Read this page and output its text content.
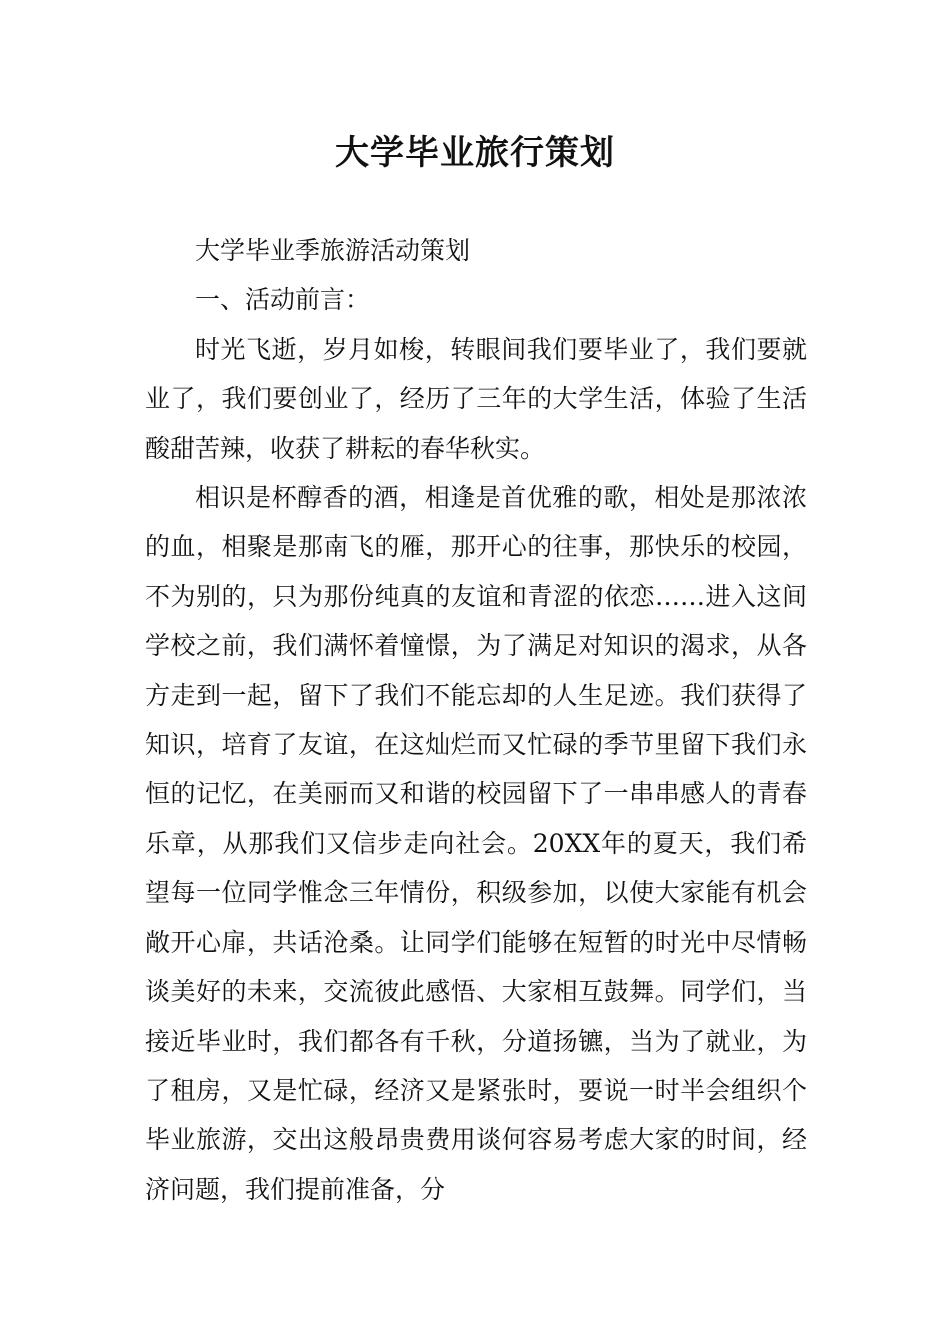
大学毕业旅行策划

大学毕业季旅游活动策划

一、活动前言：

时光飞逝，岁月如梭，转眼间我们要毕业了，我们要就业了，我们要创业了，经历了三年的大学生活，体验了生活酸甜苦辣，收获了耕耘的春华秋实。

相识是杯醇香的酒，相逢是首优雅的歌，相处是那浓浓的血，相聚是那南飞的雁，那开心的往事，那快乐的校园，不为别的，只为那份纯真的友谊和青涩的依恋……进入这间学校之前，我们满怀着憧憬，为了满足对知识的渴求，从各方走到一起，留下了我们不能忘却的人生足迹。我们获得了知识，培育了友谊，在这灿烂而又忙碌的季节里留下我们永恒的记忆，在美丽而又和谐的校园留下了一串串感人的青春乐章，从那我们又信步走向社会。20XX年的夏天，我们希望每一位同学惟念三年情份，积级参加，以使大家能有机会敞开心扉，共话沧桑。让同学们能够在短暂的时光中尽情畅谈美好的未来，交流彼此感悟、大家相互鼓舞。同学们，当接近毕业时，我们都各有千秋，分道扬镳，当为了就业，为了租房，又是忙碌，经济又是紧张时，要说一时半会组织个毕业旅游，交出这般昂贵费用谈何容易考虑大家的时间，经济问题，我们提前准备，分
